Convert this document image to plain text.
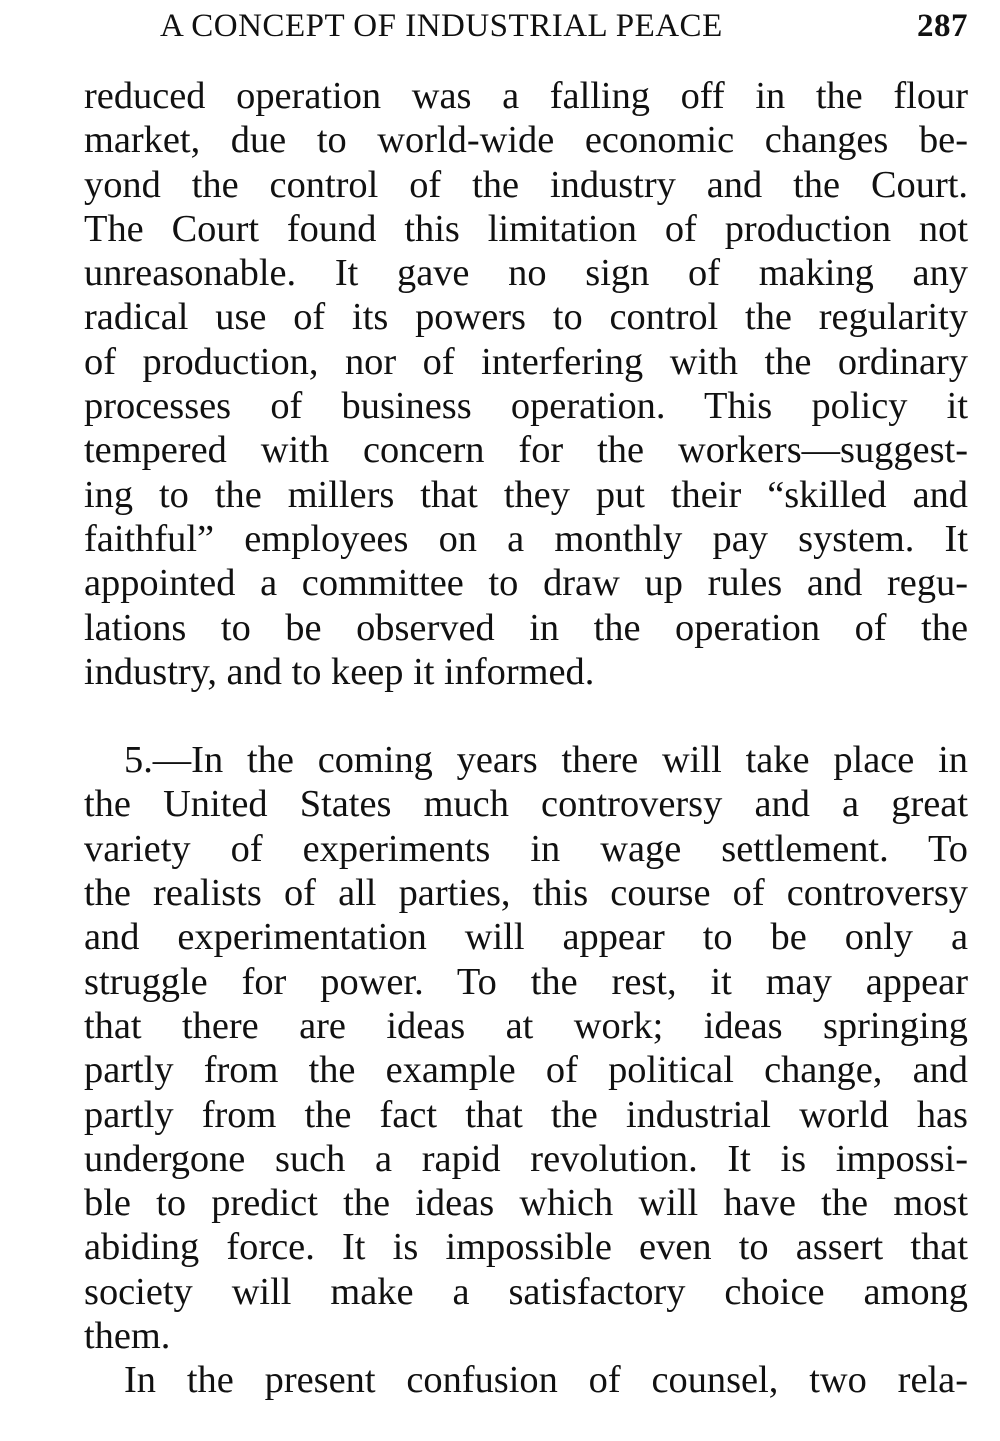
A CONCEPT OF INDUSTRIAL PEACE	287
reduced operation was a falling off in the flour
market, due to world-wide economic changes be-
yond the control of the industry and the Court.
The Court found this limitation of production not
unreasonable. It gave no sign of making any
radical use of its powers to control the regularity
of production, nor of interfering with the ordinary
processes of business operation. This policy it
tempered with concern for the workers—suggest-
ing to the millers that they put their “skilled and
faithful” employees on a monthly pay system. It
appointed a committee to draw up rules and regu-
lations to be observed in the operation of the
industry, and to keep it informed.
5.—In the coming years there will take place in
the United States much controversy and a great
variety of experiments in wage settlement. To
the realists of all parties, this course of controversy
and experimentation will appear to be only a
struggle for power. To the rest, it may appear
that there are ideas at work; ideas springing
partly from the example of political change, and
partly from the fact that the industrial world has
undergone such a rapid revolution. It is impossi-
ble to predict the ideas which will have the most
abiding force. It is impossible even to assert that
society will make a satisfactory choice among
them.
In the present confusion of counsel, two rela-
